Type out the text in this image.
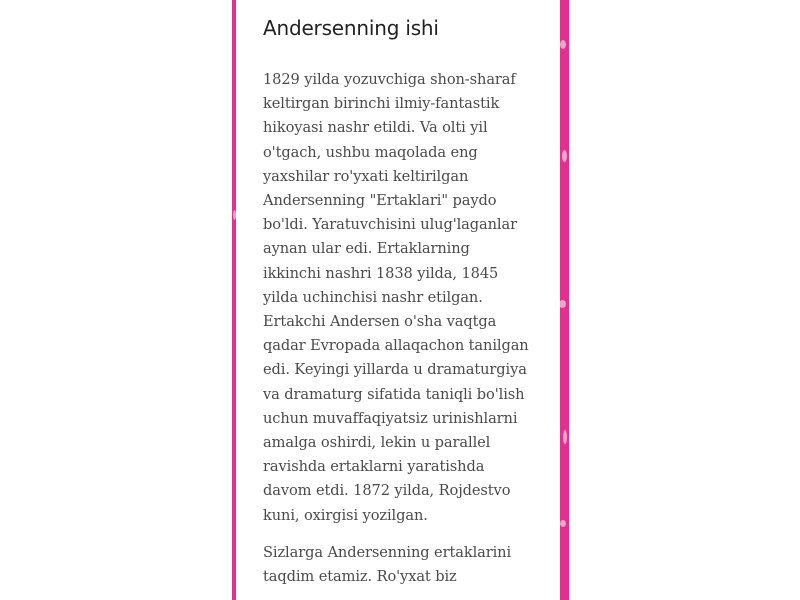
Andersenning ishi

1829 yilda yozuvchiga shon-sharaf keltirgan birinchi ilmiy-fantastik hikoyasi nashr etildi. Va olti yil o'tgach, ushbu maqolada eng yaxshilar ro'yxati keltirilgan Andersenning "Ertaklari" paydo bo'ldi. Yaratuvchisini ulug'laganlar aynan ular edi. Ertaklarning ikkinchi nashri 1838 yilda, 1845 yilda uchinchisi nashr etilgan. Ertakchi Andersen o'sha vaqtga qadar Evropada allaqachon tanilgan edi. Keyingi yillarda u dramaturgiya va dramaturg sifatida taniqli bo'lish uchun muvaffaqiyatsiz urinishlarni amalga oshirdi, lekin u parallel ravishda ertaklarni yaratishda davom etdi. 1872 yilda, Rojdestvo kuni, oxirgisi yozilgan.

Sizlarga Andersenning ertaklarini taqdim etamiz. Ro'yxat biz
